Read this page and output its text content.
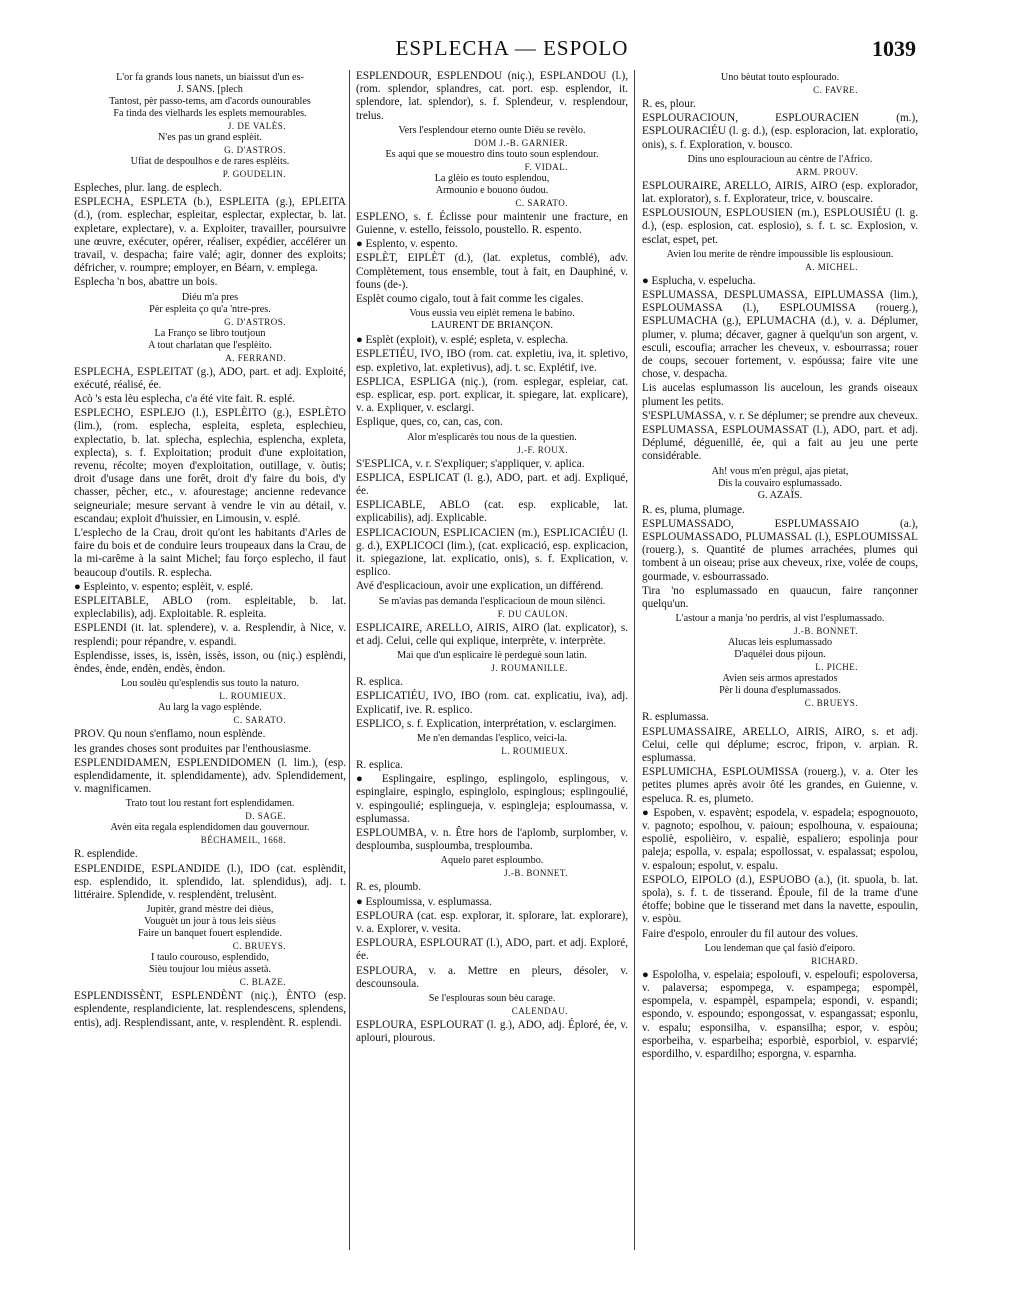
ESPLECHA — ESPOLO	1039
L'or fa grands lous nanets, un biaissut d'un es-
J. SANS. [plech
Tantost, pèr passo-tems, am d'acords ounourables
Fa tinda des vielhards les esplets memourables.
J. DE VALÈS.
N'es pas un grand esplèit.
G. D'ASTROS.
Ufiat de despoulhos e de rares esplèits.
P. GOUDELIN.

Espleches, plur. lang. de esplech.

ESPLECHA, ESPLETA (b.), ESPLEITA (g.), EPLEITA (d.), (rom. esplechar, espleitar, esplectar, explectar, b. lat. expletare, explectare), v. a. Exploiter, travailler, poursuivre une œuvre, exécuter, opérer, réaliser, expédier, accélérer un travail, v. despacha; faire valé; agir, donner des exploits; défricher, v. roumpre; employer, en Béarn, v. emplega.

Esplecha 'n bos, abattre un bois.

Diéu m'a pres
Pèr espleita ço qu'a 'ntre-pres.
G. D'ASTROS.
La Franço se libro toutjoun
A tout charlatan que l'esplèito.
A. FERRAND.

ESPLECHA, ESPLEITAT (g.), ADO, part. et adj. Exploité, exécuté, réalisé, ée.

Acò 's esta lèu esplecha, c'a été vite fait. R. esplé.

ESPLECHO, ESPLEJO (l.), ESPLÈITO (g.), ESPLÈTO (lim.), (rom. esplecha, espleita, espleta, esplechieu, explectatio, b. lat. splecha, esplechia, esplencha, expleta, explecta), s. f. Exploitation; produit d'une exploitation, revenu, récolte; moyen d'exploitation, outillage, v. òutis; droit d'usage dans une forêt, droit d'y faire du bois, d'y chasser, pêcher, etc., v. afourestage; ancienne redevance seigneuriale; mesure servant à vendre le vin au détail, v. escandau; exploit d'huissier, en Limousin, v. esplé.

L'esplecho de la Crau, droit qu'ont les habitants d'Arles de faire du bois et de conduire leurs troupeaux dans la Crau, de la mi-carême à la saint Michel; fau forço esplecho, il faut beaucoup d'outils. R. esplecha.

● Espleinto, v. espento; esplèit, v. esplé.

ESPLEITABLE, ABLO (rom. espleitable, b. lat. expleclabilis), adj. Exploitable. R. espleita.

ESPLENDI (it. lat. splendere), v. a. Resplendir, à Nice, v. resplendi; pour répandre, v. espandi.

Esplendisse, isses, is, issèn, issès, isson, ou (niç.) esplèndi, èndes, ènde, endèn, endès, èndon.

Lou soulèu qu'esplendis sus touto la naturo.
L. ROUMIEUX.
Au larg la vago esplènde.
C. SARATO.

PROV. Qu noun s'enflamo, noun esplènde.

les grandes choses sont produites par l'enthousiasme.

ESPLENDIDAMEN, ESPLENDIDOMEN (l. lim.), (esp. esplendidamente, it. splendidamente), adv. Splendidement, v. magnificamen.

Trato tout lou restant fort esplendidamen.
D. SAGE.
Avèn eita regala esplendidomen dau gouvernour.
BÉCHAMEIL, 1668.

R. esplendide.

ESPLENDIDE, ESPLANDIDE (l.), IDO (cat. esplèndit, esp. esplendido, it. splendido, lat. splendidus), adj. t. littéraire. Splendide, v. resplendènt, trelusènt.

Jupitèr, grand mèstre dei dièus,
Vouguèt un jour à tous leis sièus
Faire un banquet fouert esplendide.
C. BRUEYS.
I taulo courouso, esplendido,
Sièu toujour lou mièus assetà.
C. BLAZE.

ESPLENDISSÈNT, ESPLENDÈNT (niç.), ÈNTO (esp. esplendente, resplandiciente, lat. resplendescens, splendens, entis), adj. Resplendissant, ante, v. resplendènt. R. esplendi.

ESPLENDOUR, ESPLENDOU (niç.), ESPLANDOU (l.), (rom. splendor, splandres, cat. port. esp. esplendor, it. splendore, lat. splendor), s. f. Splendeur, v. resplendour, trelus.

Vers l'esplendour eterno ounte Diéu se revèlo.
DOM J.-B. GARNIER.
Es aqui que se mouestro dins touto soun esplendour.
F. VIDAL.
La glèio es touto esplendou,
Armounio e bouono óudou.
C. SARATO.

ESPLENO, s. f. Éclisse pour maintenir une fracture, en Guienne, v. estello, feissolo, poustello. R. espento.

● Esplento, v. espento.

ESPLÈT, EIPLÈT (d.), (lat. expletus, comblé), adv. Complètement, tous ensemble, tout à fait, en Dauphiné, v. founs (de-).

Esplèt coumo cigalo, tout à fait comme les cigales.

Vous eussia veu eiplèt remena le babino.
LAURENT DE BRIANÇON.

● Esplèt (exploit), v. esplé; espleta, v. esplecha.

ESPLETIÉU, IVO, IBO (rom. cat. expletiu, iva, it. spletivo, esp. expletivo, lat. expletivus), adj. t. sc. Explétif, ive.

ESPLICA, ESPLIGA (niç.), (rom. esplegar, espleiar, cat. esp. esplicar, esp. port. explicar, it. spiegare, lat. explicare), v. a. Expliquer, v. esclargi.

Esplique, ques, co, can, cas, con.

Alor m'esplicarès tou nous de la questien.
J.-F. ROUX.

S'ESPLICA, v. r. S'expliquer; s'appliquer, v. aplica.

ESPLICA, ESPLICAT (l. g.), ADO, part. et adj. Expliqué, ée.

ESPLICABLE, ABLO (cat. esp. explicable, lat. explicabilis), adj. Explicable.

ESPLICACIOUN, ESPLICACIEN (m.), ESPLICACIÉU (l. g. d.), EXPLICOCI (lim.), (cat. explicació, esp. explicacion, it. spiegazione, lat. explicatio, onis), s. f. Explication, v. esplico.

Avé d'esplicacioun, avoir une explication, un différend.

Se m'avias pas demanda l'esplicacioun de moun silènci.
F. DU CAULON.

ESPLICAIRE, ARELLO, AIRIS, AIRO (lat. explicator), s. et adj. Celui, celle qui explique, interprète, v. interprète.

Mai que d'un esplicaire lè perdeguè soun latin.
J. ROUMANILLE.

R. esplica.

ESPLICATIÉU, IVO, IBO (rom. cat. explicatiu, iva), adj. Explicatif, ive. R. esplico.

ESPLICO, s. f. Explication, interprétation, v. esclargimen.

Me n'en demandas l'esplico, veici-la.
L. ROUMIEUX.

R. esplica.

● Esplingaire, esplingo, esplingolo, esplingous, v. espinglaire, espinglo, espinglolo, espinglous; esplingoulié, v. espingoulié; esplingueja, v. espingleja; esploumassa, v. esplumassa.

ESPLOUMBA, v. n. Être hors de l'aplomb, surplomber, v. desploumba, susploumba, tresploumba.

Aquelo paret esploumbo.
J.-B. BONNET.

R. es, ploumb.

● Esploumissa, v. esplumassa.

ESPLOURA (cat. esp. explorar, it. splorare, lat. explorare), v. a. Explorer, v. vesita.

ESPLOURA, ESPLOURAT (l.), ADO, part. et adj. Exploré, ée.

ESPLOURA, v. a. Mettre en pleurs, désoler, v. descounsoula.

Se l'esplouras soun bèu carage.
CALENDAU.

ESPLOURA, ESPLOURAT (l. g.), ADO, adj. Éploré, ée, v. aplouri, plourous.

Uno bèutat touto esplourado.
C. FAVRE.

R. es, plour.

ESPLOURACIOUN, ESPLOURACIEN (m.), ESPLOURACIÉU (l. g. d.), (esp. esploracion, lat. exploratio, onis), s. f. Exploration, v. bousco.

Dins uno esplouracioun au cèntre de l'Africo.
ARM. PROUV.

ESPLOURAIRE, ARELLO, AIRIS, AIRO (esp. explorador, lat. explorator), s. f. Explorateur, trice, v. bouscaire.

ESPLOUSIOUN, ESPLOUSIEN (m.), ESPLOUSIÉU (l. g. d.), (esp. esplosion, cat. esplosio), s. f. t. sc. Explosion, v. esclat, espet, pet.

Avien lou merite de rèndre impoussible lis esplousioun.
A. MICHEL.

● Esplucha, v. espelucha.

ESPLUMASSA, DESPLUMASSA, EIPLUMASSA (lim.), ESPLOUMASSA (l.), ESPLOUMISSA (rouerg.), ESPLUMACHA (g.), EPLUMACHA (d.), v. a. Déplumer, plumer, v. pluma; décaver, gagner à quelqu'un son argent, v. esculi, escoufia; arracher les cheveux, v. esbourrassa; rouer de coups, secouer fortement, v. espóussa; faire vite une chose, v. despacha.

Lis aucelas esplumasson lis auceloun, les grands oiseaux plument les petits.

S'ESPLUMASSA, v. r. Se déplumer; se prendre aux cheveux.

ESPLUMASSA, ESPLOUMASSAT (l.), ADO, part. et adj. Déplumé, déguenillé, ée, qui a fait au jeu une perte considérable.

Ah! vous m'en prègul, ajas pietat,
Dis la couvairo esplumassado.
G. AZAÏS.

R. es, pluma, plumage.

ESPLUMASSADO, ESPLUMASSAIO (a.), ESPLOUMASSADO, PLUMASSAL (l.), ESPLOUMISSAL (rouerg.), s. Quantité de plumes arrachées, plumes qui tombent à un oiseau; prise aux cheveux, rixe, volée de coups, gourmade, v. esbourrassado.

Tira 'no esplumassado en quaucun, faire rançonner quelqu'un.

L'astour a manja 'no perdris, al vist l'esplumassado.
J.-B. BONNET.
Alucas leis esplumassado
D'aquélei dous pijoun.
L. PICHE.
Avien seis armos aprestados
Pèr li douna d'esplumassados.
C. BRUEYS.

R. esplumassa.

ESPLUMASSAIRE, ARELLO, AIRIS, AIRO, s. et adj. Celui, celle qui déplume; escroc, fripon, v. arpian. R. esplumassa.

ESPLUMICHA, ESPLOUMISSA (rouerg.), v. a. Oter les petites plumes après avoir ôté les grandes, en Guienne, v. espeluca. R. es, plumeto.

● Espoben, v. espavènt; espodela, v. espadela; espognouoto, v. pagnoto; espolhou, v. paioun; espolhouna, v. espaiouna; espoliè, espolièiro, v. espaliè, espaliero; espolinja pour paleja; espolla, v. espala; espollossat, v. espalassat; espolou, v. espaloun; espolut, v. espalu.

ESPOLO, EIPOLO (d.), ESPUOBO (a.), (it. spuola, b. lat. spola), s. f. t. de tisserand. Époule, fil de la trame d'une étoffe; bobine que le tisserand met dans la navette, espoulin, v. espòu.

Faire d'espolo, enrouler du fil autour des volues.

Lou lendeman que çal fasiò d'eiporo.
RICHARD.

● Espololha, v. espelaia; espoloufi, v. espeloufi; espoloversa, v. palaversa; espompega, v. espampega; espompèl, espompela, v. espampèl, espampela; espondi, v. espandi; espondo, v. espoundo; espongossat, v. espangassat; esponlu, v. espalu; esponsilha, v. espansilha; espor, v. espòu; esporbeiha, v. esparbeiha; esporbiè, esporbiol, v. esparvié; espordilho, v. espardilho; esporgna, v. esparnha.
